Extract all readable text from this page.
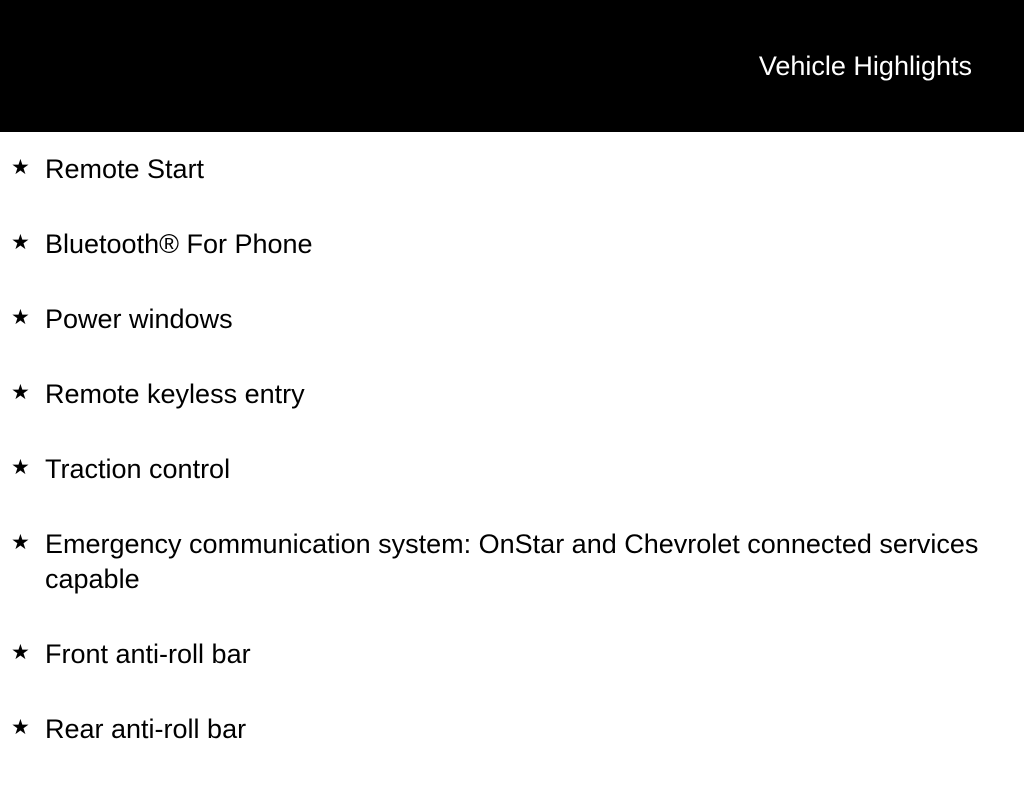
Vehicle Highlights
★ Remote Start
★ Bluetooth® For Phone
★ Power windows
★ Remote keyless entry
★ Traction control
★ Emergency communication system: OnStar and Chevrolet connected services capable
★ Front anti-roll bar
★ Rear anti-roll bar
